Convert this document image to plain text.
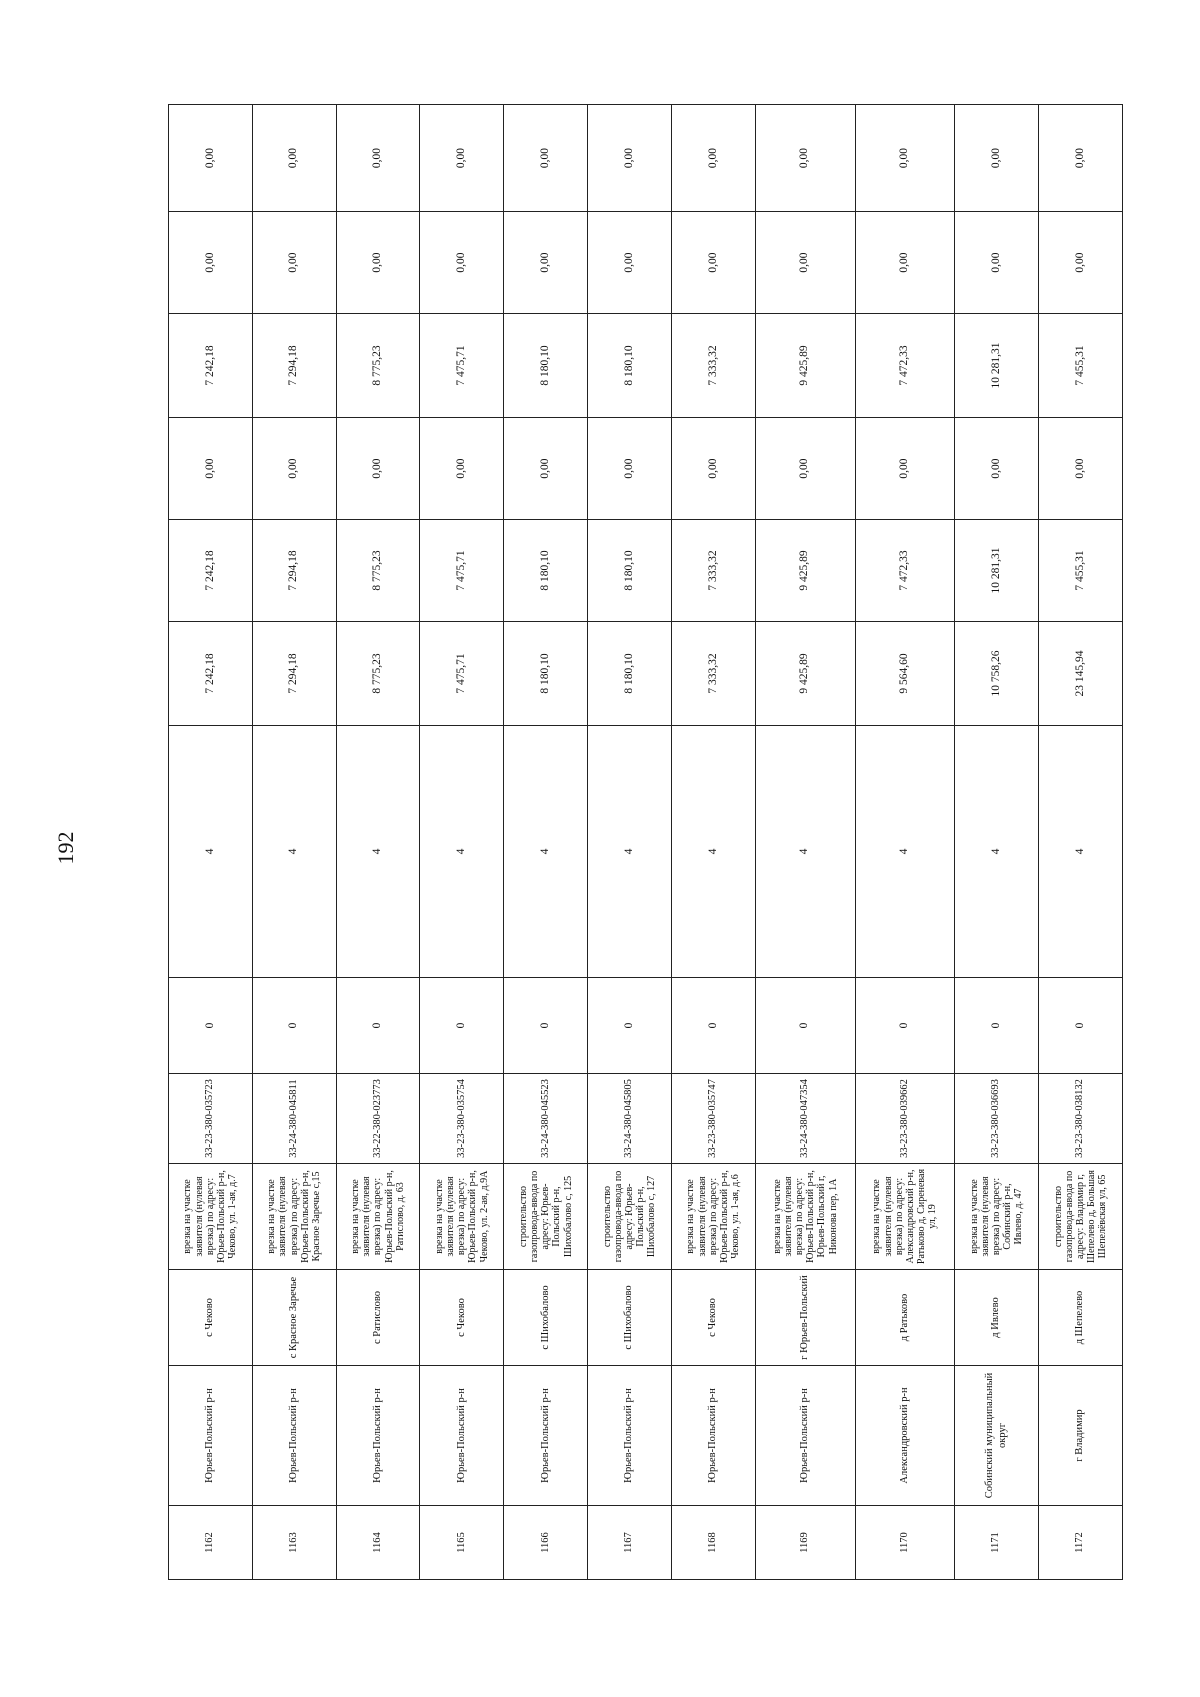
192
1162	Юрьев-Польский р-н	с Чеково	врезка на участке заявителя (нулевая врезка) по адресу: Юрьев-Польский р-н, Чеково, ул. 1-ая, д.7	33-23-380-035723	0	4	7 242,18	7 242,18	0,00	7 242,18	0,00	0,00
1163	Юрьев-Польский р-н	с Красное Заречье	врезка на участке заявителя (нулевая врезка) по адресу: Юрьев-Польский р-н, Красное Заречье с,15	33-24-380-045811	0	4	7 294,18	7 294,18	0,00	7 294,18	0,00	0,00
1164	Юрьев-Польский р-н	с Ратислово	врезка на участке заявителя (нулевая врезка) по адресу: Юрьев-Польский р-н, Ратислово, д. 63	33-22-380-023773	0	4	8 775,23	8 775,23	0,00	8 775,23	0,00	0,00
1165	Юрьев-Польский р-н	с Чеково	врезка на участке заявителя (нулевая врезка) по адресу: Юрьев-Польский р-н, Чеково, ул. 2-ая, д.9А	33-23-380-035754	0	4	7 475,71	7 475,71	0,00	7 475,71	0,00	0,00
1166	Юрьев-Польский р-н	с Шихобалово	строительство газопровода-ввода по адресу: Юрьев-Польский р-н, Шихобалово с, 125	33-24-380-045523	0	4	8 180,10	8 180,10	0,00	8 180,10	0,00	0,00
1167	Юрьев-Польский р-н	с Шихобалово	строительство газопровода-ввода по адресу: Юрьев-Польский р-н, Шихобалово с, 127	33-24-380-045805	0	4	8 180,10	8 180,10	0,00	8 180,10	0,00	0,00
1168	Юрьев-Польский р-н	с Чеково	врезка на участке заявителя (нулевая врезка) по адресу: Юрьев-Польский р-н, Чеково, ул. 1-ая, д.6	33-23-380-035747	0	4	7 333,32	7 333,32	0,00	7 333,32	0,00	0,00
1169	Юрьев-Польский р-н	г Юрьев-Польский	врезка на участке заявителя (нулевая врезка) по адресу: Юрьев-Польский р-н, Юрьев-Польский г, Никонова пер, 1А	33-24-380-047354	0	4	9 425,89	9 425,89	0,00	9 425,89	0,00	0,00
1170	Александровский р-н	д Ратьково	врезка на участке заявителя (нулевая врезка) по адресу: Александровский р-н, Ратьково д, Сиреневая ул, 19	33-23-380-039662	0	4	9 564,60	7 472,33	0,00	7 472,33	0,00	0,00
1171	Собинский муниципальный округ	д Ивлево	врезка на участке заявителя (нулевая врезка) по адресу: Собинский р-н, Ивлево, д. 47	33-23-380-036693	0	4	10 758,26	10 281,31	0,00	10 281,31	0,00	0,00
1172	г Владимир	д Шепелево	строительство газопровода-ввода по адресу: Владимир г, Шепелево д, Большая Шепелёвская ул, 65	33-23-380-038132	0	4	23 145,94	7 455,31	0,00	7 455,31	0,00	0,00
